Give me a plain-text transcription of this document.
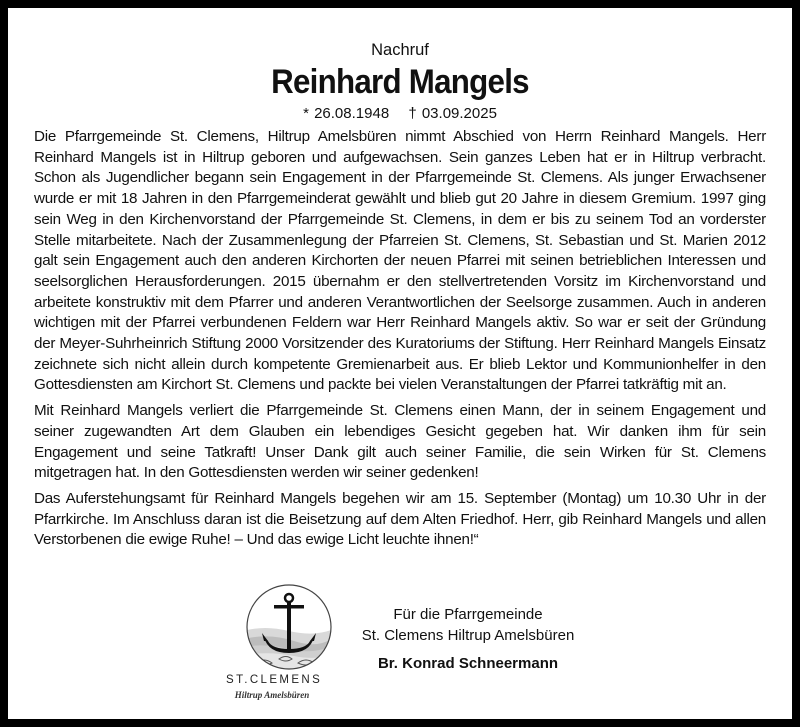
Nachruf
Reinhard Mangels
* 26.08.1948 † 03.09.2025

Die Pfarrgemeinde St. Clemens, Hiltrup Amelsbüren nimmt Abschied von Herrn Reinhard Mangels. Herr Reinhard Mangels ist in Hiltrup geboren und aufgewachsen. Sein ganzes Leben hat er in Hiltrup verbracht. Schon als Jugendlicher begann sein Engagement in der Pfarrgemeinde St. Clemens. Als junger Erwachsener wurde er mit 18 Jahren in den Pfarrgemeinderat gewählt und blieb gut 20 Jahre in diesem Gremium. 1997 ging sein Weg in den Kirchenvorstand der Pfarrgemeinde St. Clemens, in dem er bis zu seinem Tod an vorderster Stelle mitarbeitete. Nach der Zusammenlegung der Pfarreien St. Clemens, St. Sebastian und St. Marien 2012 galt sein Engagement auch den anderen Kirchorten der neuen Pfarrei mit seinen betrieblichen Interessen und seelsorglichen Herausforderungen. 2015 übernahm er den stellvertretenden Vorsitz im Kirchenvorstand und arbeitete konstruktiv mit dem Pfarrer und anderen Verantwortlichen der Seelsorge zusammen. Auch in anderen wichtigen mit der Pfarrei verbundenen Feldern war Herr Reinhard Mangels aktiv. So war er seit der Gründung der Meyer-Suhrheinrich Stiftung 2000 Vorsitzender des Kuratoriums der Stiftung. Herr Reinhard Mangels Einsatz zeichnete sich nicht allein durch kompetente Gremienarbeit aus. Er blieb Lektor und Kommunionhelfer in den Gottesdiensten am Kirchort St. Clemens und packte bei vielen Veranstaltungen der Pfarrei tatkräftig mit an.

Mit Reinhard Mangels verliert die Pfarrgemeinde St. Clemens einen Mann, der in seinem Engagement und seiner zugewandten Art dem Glauben ein lebendiges Gesicht gegeben hat. Wir danken ihm für sein Engagement und seine Tatkraft! Unser Dank gilt auch seiner Familie, die sein Wirken für St. Clemens mitgetragen hat. In den Gottesdiensten werden wir seiner gedenken!

Das Auferstehungsamt für Reinhard Mangels begehen wir am 15. September (Montag) um 10.30 Uhr in der Pfarrkirche. Im Anschluss daran ist die Beisetzung auf dem Alten Friedhof. Herr, gib Reinhard Mangels und allen Verstorbenen die ewige Ruhe! – Und das ewige Licht leuchte ihnen!“

ST.CLEMENS
Hiltrup Amelsbüren
Für die Pfarrgemeinde
St. Clemens Hiltrup Amelsbüren
Br. Konrad Schneermann
